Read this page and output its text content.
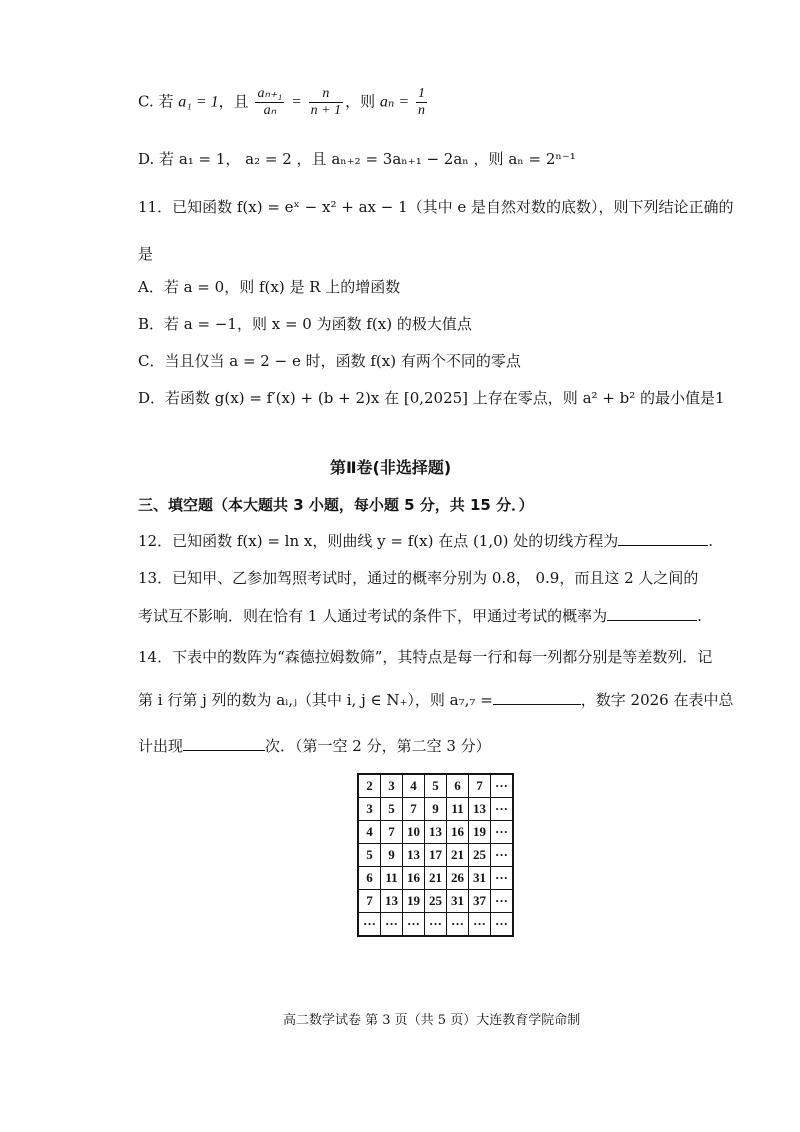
C. 若 a₁ = 1，且 $\frac{\text{aₙ₊₁}}{\text{aₙ}} = \frac{n}{n + 1}$ ，则 $a_n = \frac{1}{n}$
D. 若 a₁ = 1， a₂ = 2 ，且 aₙ₊₂ = 3aₙ₊₁ − 2aₙ ，则 aₙ = 2ⁿ⁻¹
11．已知函数 f(x) = eˣ − x² + ax − 1（其中 e 是自然对数的底数），则下列结论正确的
是
A．若 a = 0，则 f(x) 是 R 上的增函数
B．若 a = −1，则 x = 0 为函数 f(x) 的极大值点
C．当且仅当 a = 2 − e 时，函数 f(x) 有两个不同的零点
D．若函数 g(x) = f′(x) + (b + 2)x 在 [0,2025] 上存在零点，则 a² + b² 的最小值是1
第Ⅱ卷(非选择题)
三、填空题（本大题共 3 小题，每小题 5 分，共 15 分．）
12．已知函数 f(x) = ln x，则曲线 y = f(x) 在点 (1,0) 处的切线方程为	.
13．已知甲、乙参加驾照考试时，通过的概率分别为 0.8， 0.9，而且这 2 人之间的
考试互不影响．则在恰有 1 人通过考试的条件下，甲通过考试的概率为	.
14．下表中的数阵为“森德拉姆数筛”，其特点是每一行和每一列都分别是等差数列．记
第 i 行第 j 列的数为 aᵢ,ⱼ（其中 i, j ∈ N₊），则 a₇,₇ =	，数字 2026 在表中总
计出现	次．（第一空 2 分，第二空 3 分）
2	3	4	5	6	7	···
3	5	7	9	11	13	···
4	7	10	13	16	19	···
5	9	13	17	21	25	···
6	11	16	21	26	31	···
7	13	19	25	31	37	···
···	···	···	···	···	···	···
高二数学试卷 第 3 页（共 5 页）大连教育学院命制
